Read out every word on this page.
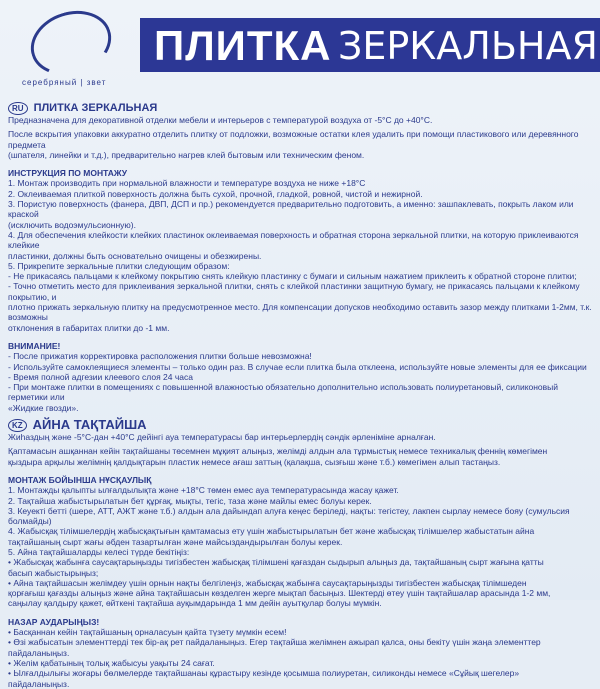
серебряный | звет
ПЛИТКА ЗЕРКАЛЬНАЯ
RU ПЛИТКА ЗЕРКАЛЬНАЯ

Предназначена для декоративной отделки мебели и интерьеров с температурой воздуха от -5°С до +40°С.

После вскрытия упаковки аккуратно отделить плитку от подложки, возможные остатки клея удалить при помощи пластикового или деревянного предмета
(шпателя, линейки и т.д.), предварительно нагрев клей бытовым или техническим феном.

ИНСТРУКЦИЯ ПО МОНТАЖУ

1. Монтаж производить при нормальной влажности и температуре воздуха не ниже +18°С
2. Оклеиваемая плиткой поверхность должна быть сухой, прочной, гладкой, ровной, чистой и нежирной.
3. Пористую поверхность (фанера, ДВП, ДСП и пр.) рекомендуется предварительно подготовить, а именно: зашпаклевать, покрыть лаком или краской
(исключить водоэмульсионную).
4. Для обеспечения клейкости клейких пластинок оклеиваемая поверхность и обратная сторона зеркальной плитки, на которую приклеиваются клейкие
пластинки, должны быть основательно очищены и обезжирены.
5. Прикрепите зеркальные плитки следующим образом:
- Не прикасаясь пальцами к клейкому покрытию снять клейкую пластинку с бумаги и сильным нажатием приклеить к обратной стороне плитки;
- Точно отметить место для приклеивания зеркальной плитки, снять с клейкой пластинки защитную бумагу, не прикасаясь пальцами к клейкому покрытию, и
плотно прижать зеркальную плитку на предусмотренное место. Для компенсации допусков необходимо оставить зазор между плитками 1-2мм, т.к. возможны
отклонения в габаритах плитки до -1 мм.

ВНИМАНИЕ!

- После прижатия корректировка расположения плитки больше невозможна!
- Используйте самоклеящиеся элементы – только один раз. В случае если плитка была отклеена, используйте новые элементы для ее фиксации
- Время полной адгезии клеевого слоя 24 часа
- При монтаже плитки в помещениях с повышенной влажностью обязательно дополнительно использовать полиуретановый, силиконовый герметики или
«Жидкие гвозди».

KZ АЙНА ТАҚТАЙША

Жиһаздың және -5°С-дан +40°С дейінгі ауа температурасы бар интерьерлердің сәндік әрленіміне арналған.

Қаптамасын ашқаннан кейін тақтайшаны төсемнен мұқият алыңыз, желімді алдын ала тұрмыстық немесе техникалық феннің көмегімен
қыздыра арқылы желімнің қалдықтарын пластик немесе ағаш заттың (қалақша, сызғыш және т.б.) көмегімен алып тастаңыз.

МОНТАЖ БОЙЫНША НҰСҚАУЛЫҚ

1. Монтажды қалыпты ылғалдылықта және +18°С төмен емес ауа температурасында жасау қажет.
2. Тақтайша жабыстырылатын бет құрғақ, мықты, тегіс, таза және майлы емес болуы керек.
3. Кеуекті бетті (шере, АТТ, АЖТ және т.б.) алдын ала дайындап алуға кеңес беріледі, нақты: тегістеу, лакпен сырлау немесе бояу (сумульсия
болмайды)
4. Жабысқақ тілімшелердің жабысқақтығын қамтамасыз ету үшін жабыстырылатын бет және жабысқақ тілімшелер жабыстатын айна
тақтайшаның сырт жағы әбден тазартылған және майсыздандырылған болуы керек.
5. Айна тақтайшаларды келесі түрде бекітіңіз:
• Жабысқақ жабынға саусақтарыңызды тигізбестен жабысқақ тілімшені қағаздан сыдырып алыңыз да, тақтайшаның сырт жағына қатты
басып жабыстырыңыз;
• Айна тақтайшасын желімдеу үшін орнын нақты белгілеңіз, жабысқақ жабынға саусақтарыңызды тигізбестен жабысқақ тілімшеден
қорғағыш қағазды алыңыз және айна тақтайшасын көзделген жерге мықтап басыңыз. Шектерді өтеу үшін тақтайшалар арасында 1-2 мм,
саңылау қалдыру қажет, өйткені тақтайша ауқымдарында 1 мм дейін ауытқулар болуы мүмкін.

НАЗАР АУДАРЫҢЫЗ!

• Басқаннан кейін тақтайшаның орналасуын қайта түзету мүмкін есем!
• Өзі жабысатын элементтерді тек бір-ақ рет пайдаланыңыз. Егер тақтайша желімнен ажырап қалса, оны бекіту үшін жаңа элементтер
пайдаланыңыз.
• Желім қабатының толық жабысуы уақыты 24 сағат.
• Ылғалдылығы жоғары бөлмелерде тақтайшанаы құрастыру кезінде қосымша полиуретан, силиконды немесе «Сұйық шегелер»
пайдаланыңыз.
